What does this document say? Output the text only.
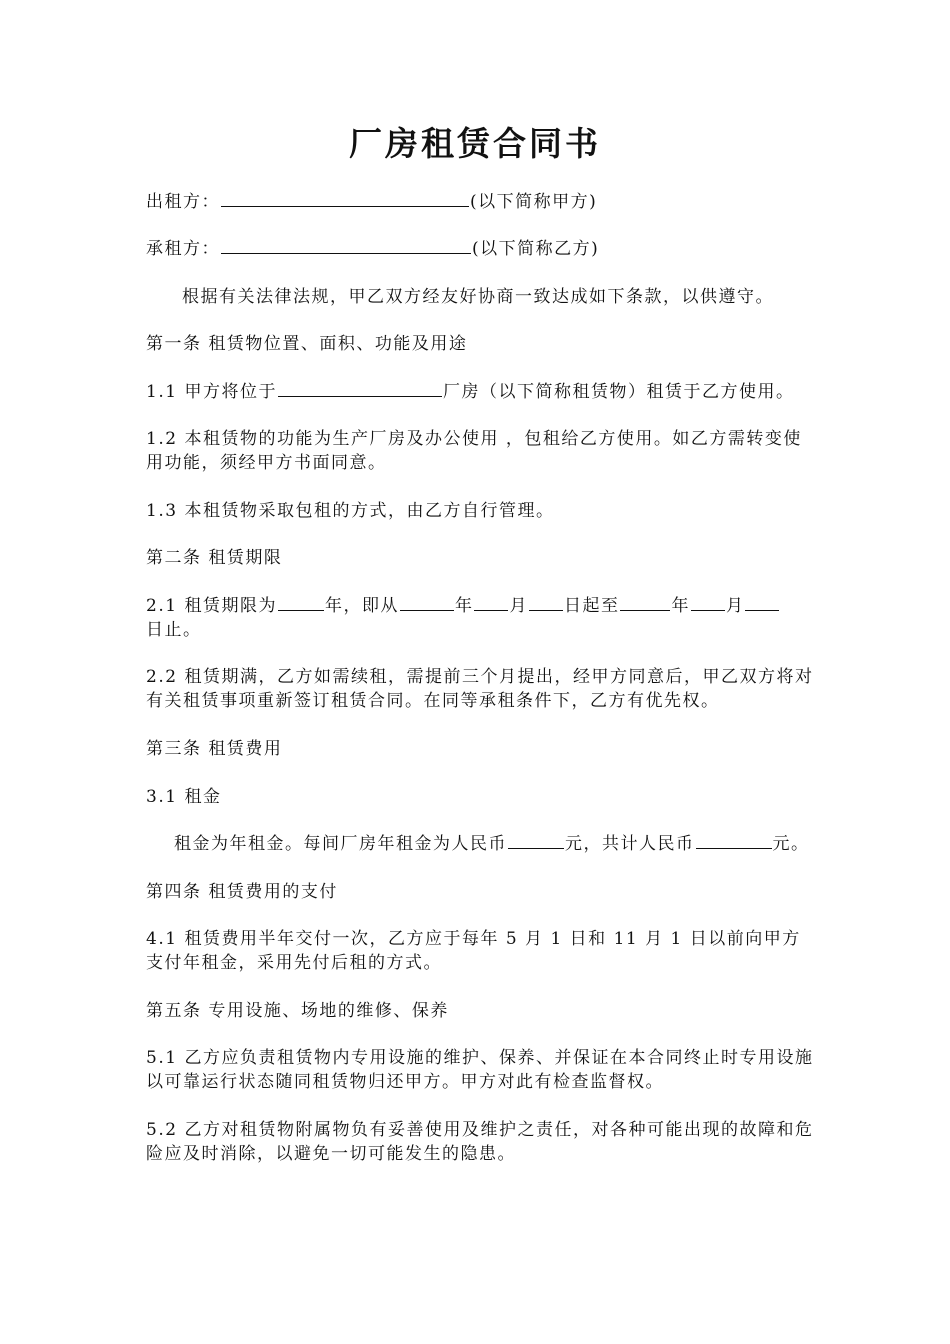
厂房租赁合同书
出租方：	(以下简称甲方)
承租方：	(以下简称乙方)
根据有关法律法规，甲乙双方经友好协商一致达成如下条款，以供遵守。
第一条 租赁物位置、面积、功能及用途
1.1 甲方将位于	厂房（以下简称租赁物）租赁于乙方使用。
1.2 本租赁物的功能为生产厂房及办公使用 ，包租给乙方使用。如乙方需转变使用功能，须经甲方书面同意。
1.3 本租赁物采取包租的方式，由乙方自行管理。
第二条 租赁期限
2.1 租赁期限为	年，即从	年 月 日起至	年 月
日止。
2.2 租赁期满，乙方如需续租，需提前三个月提出，经甲方同意后，甲乙双方将对有关租赁事项重新签订租赁合同。在同等承租条件下，乙方有优先权。
第三条 租赁费用
3.1 租金
租金为年租金。每间厂房年租金为人民币	元，共计人民币	元。
第四条 租赁费用的支付
4.1 租赁费用半年交付一次，乙方应于每年 5 月 1 日和 11 月 1 日以前向甲方支付年租金，采用先付后租的方式。
第五条 专用设施、场地的维修、保养
5.1 乙方应负责租赁物内专用设施的维护、保养、并保证在本合同终止时专用设施以可靠运行状态随同租赁物归还甲方。甲方对此有检查监督权。
5.2 乙方对租赁物附属物负有妥善使用及维护之责任，对各种可能出现的故障和危险应及时消除，以避免一切可能发生的隐患。
